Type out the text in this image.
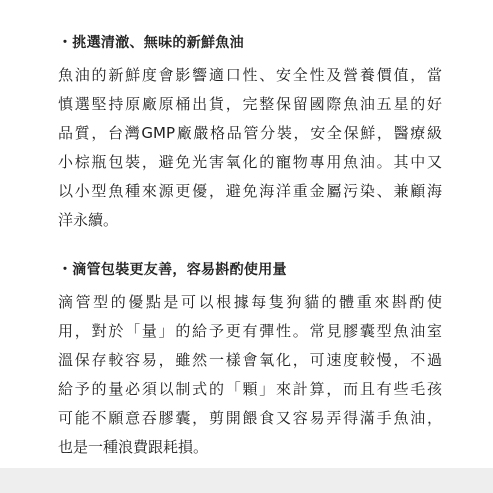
・挑選清澈、無味的新鮮魚油
魚油的新鮮度會影響適口性、安全性及營養價值，當
慎選堅持原廠原桶出貨，完整保留國際魚油五星的好
品質，台灣GMP廠嚴格品管分裝，安全保鮮，醫療級
小棕瓶包裝，避免光害氧化的寵物專用魚油。其中又
以小型魚種來源更優，避免海洋重金屬污染、兼顧海
洋永續。
・滴管包裝更友善，容易斟酌使用量
滴管型的優點是可以根據每隻狗貓的體重來斟酌使
用，對於「量」的給予更有彈性。常見膠囊型魚油室
溫保存較容易，雖然一樣會氧化，可速度較慢，不過
給予的量必須以制式的「顆」來計算，而且有些毛孩
可能不願意吞膠囊，剪開餵食又容易弄得滿手魚油，
也是一種浪費跟耗損。
